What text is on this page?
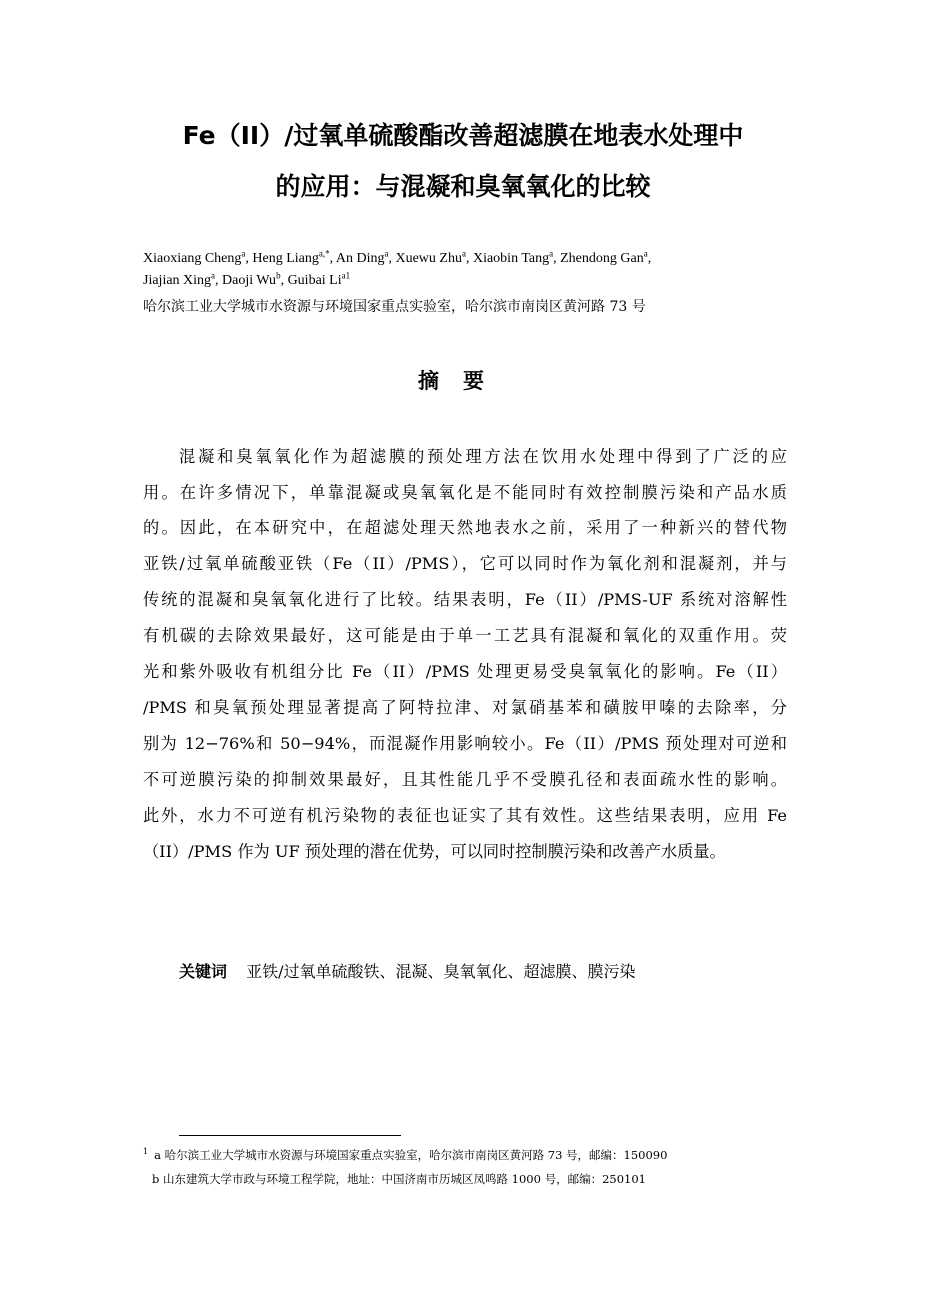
Fe（II）/过氧单硫酸酯改善超滤膜在地表水处理中
的应用：与混凝和臭氧氧化的比较
Xiaoxiang Cheng$^a$, Heng Liang$^{a,*}$, An Ding$^a$, Xuewu Zhu$^a$, Xiaobin Tang$^a$, Zhendong Gan$^a$,
Jiajian Xing$^a$, Daoji Wu$^b$, Guibai $Li^{a1}$
哈尔滨工业大学城市水资源与环境国家重点实验室，哈尔滨市南岗区黄河路 73 号
摘要
混凝和臭氧氧化作为超滤膜的预处理方法在饮用水处理中得到了广泛的应
用。在许多情况下，单靠混凝或臭氧氧化是不能同时有效控制膜污染和产品水质
的。因此，在本研究中，在超滤处理天然地表水之前，采用了一种新兴的替代物
亚铁/过氧单硫酸亚铁（Fe（II）/PMS），它可以同时作为氧化剂和混凝剂，并与
传统的混凝和臭氧氧化进行了比较。结果表明，Fe（II）/PMS-UF 系统对溶解性
有机碳的去除效果最好，这可能是由于单一工艺具有混凝和氧化的双重作用。荧
光和紫外吸收有机组分比 Fe（II）/PMS 处理更易受臭氧氧化的影响。Fe（II）
/PMS 和臭氧预处理显著提高了阿特拉津、对氯硝基苯和磺胺甲嗪的去除率，分
别为 12−76%和 50−94%，而混凝作用影响较小。Fe（II）/PMS 预处理对可逆和
不可逆膜污染的抑制效果最好，且其性能几乎不受膜孔径和表面疏水性的影响。
此外，水力不可逆有机污染物的表征也证实了其有效性。这些结果表明，应用 Fe
（II）/PMS 作为 UF 预处理的潜在优势，可以同时控制膜污染和改善产水质量。
关键词 亚铁/过氧单硫酸铁、混凝、臭氧氧化、超滤膜、膜污染
$^1$ a 哈尔滨工业大学城市水资源与环境国家重点实验室，哈尔滨市南岗区黄河路 73 号，邮编：150090
b 山东建筑大学市政与环境工程学院，地址：中国济南市历城区凤鸣路 1000 号，邮编：250101
